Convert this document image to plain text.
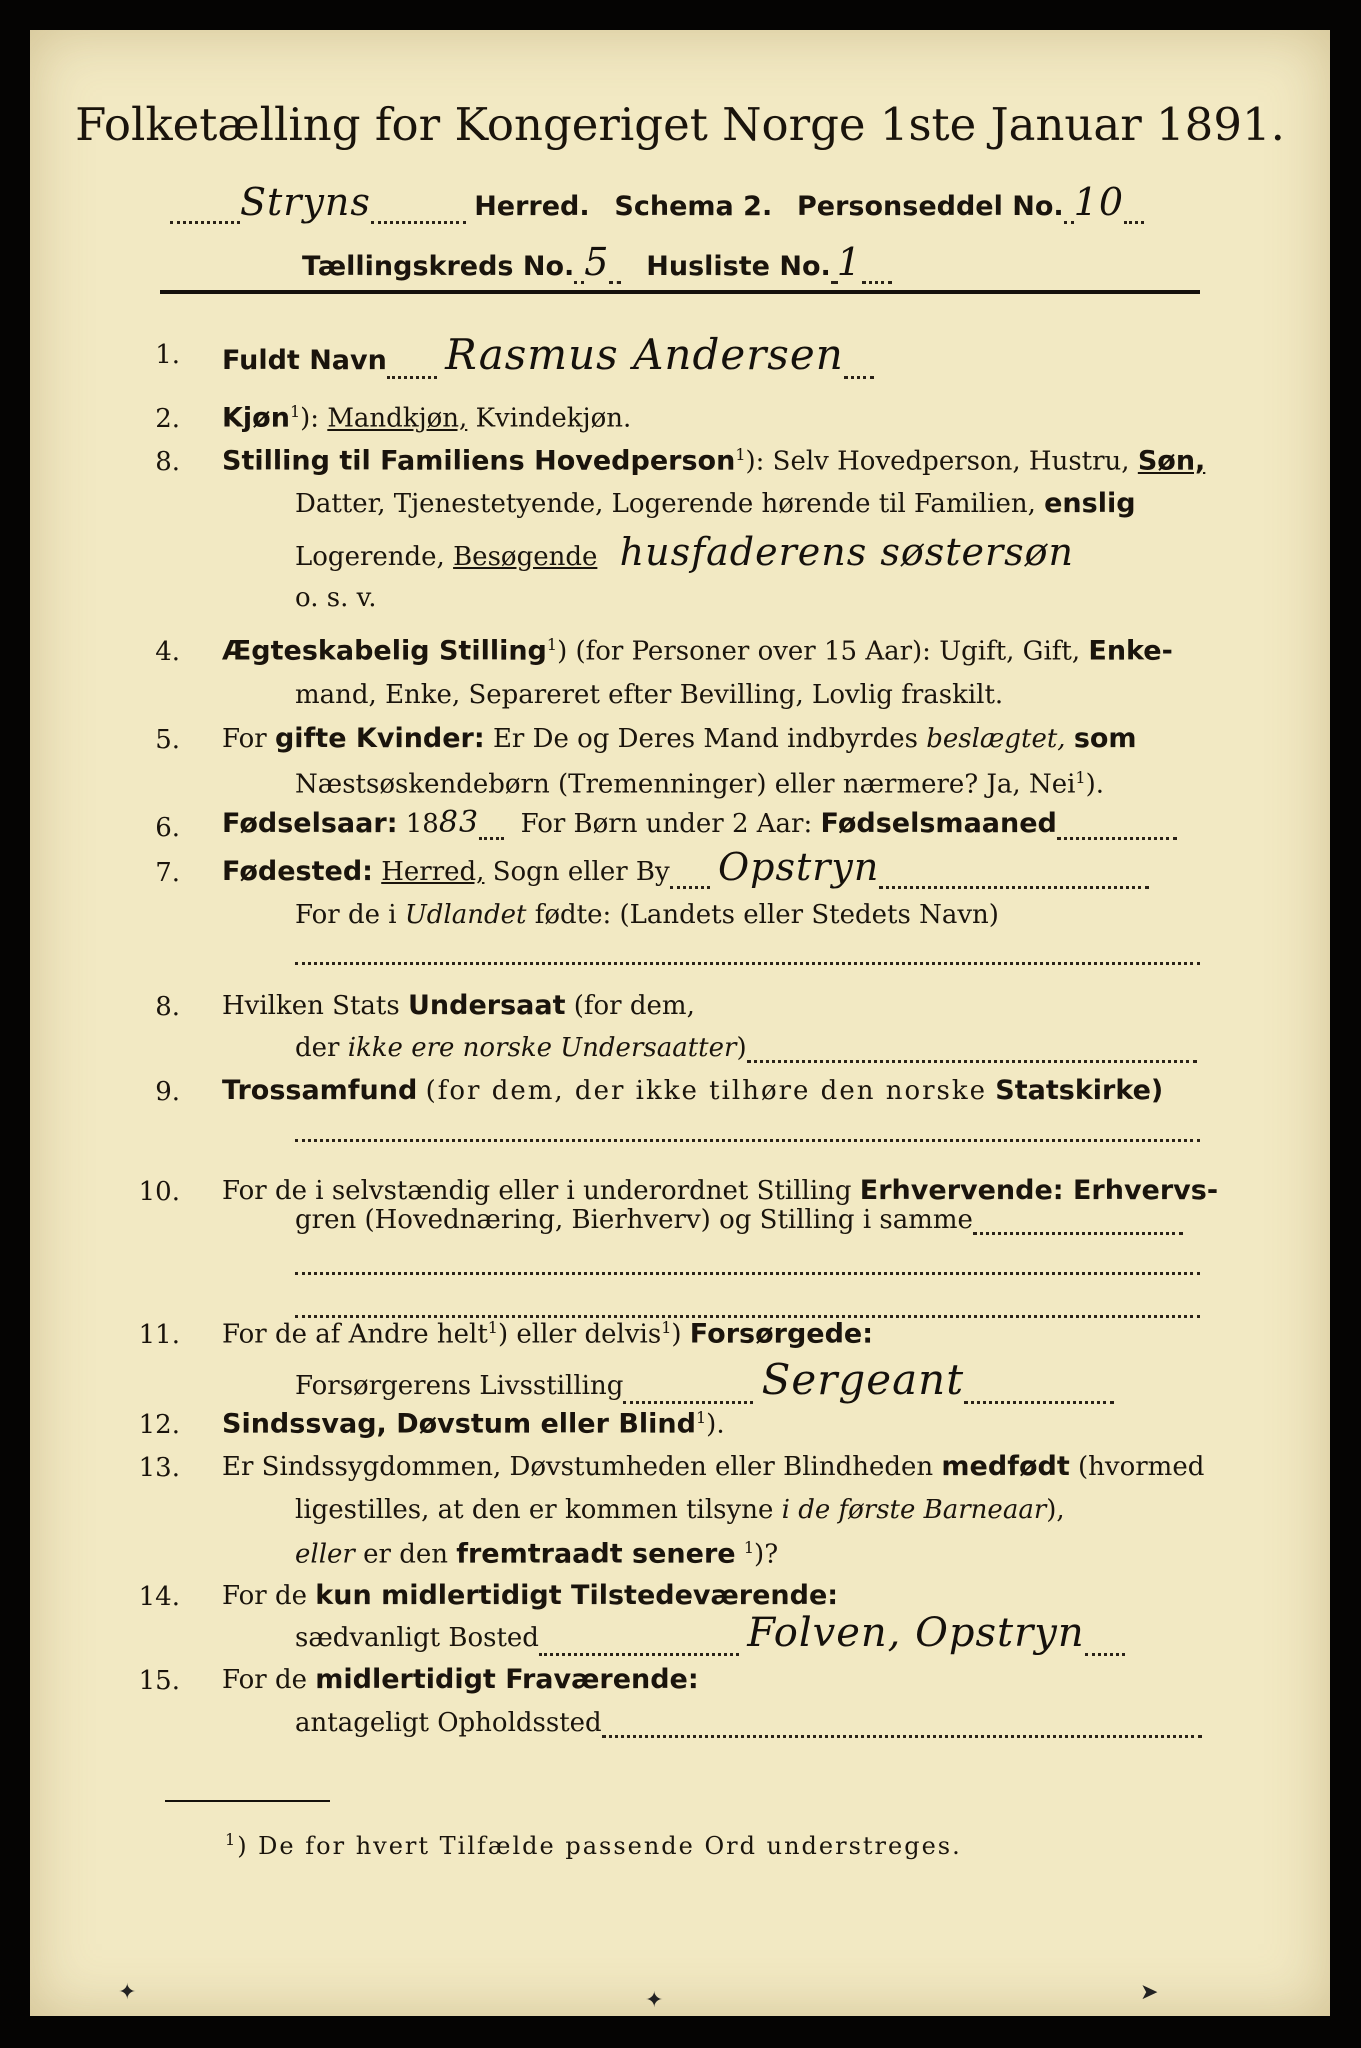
Folketælling for Kongeriget Norge 1ste Januar 1891.
Stryns	Herred. Schema 2. Personseddel No. 10
Tællingskreds No. 5 Husliste No. 1
1. Fuldt Navn Rasmus Andersen
2. Kjøn$^1$): Mandkjøn, Kvindekjøn.
8. Stilling til Familiens Hovedperson$^1$): Selv Hovedperson, Hustru, Søn,
Datter, Tjenestetyende, Logerende hørende til Familien, enslig
Logerende, Besøgende husfaderens søstersøn
o. s. v.
4. Ægteskabelig Stilling$^1$) (for Personer over 15 Aar): Ugift, Gift, Enke-
mand, Enke, Separeret efter Bevilling, Lovlig fraskilt.
5. For gifte Kvinder: Er De og Deres Mand indbyrdes beslægtet, som
Næstsøskendebørn (Tremenninger) eller nærmere? Ja, Nei$^1$).
6. Fødselsaar: 1883 For Børn under 2 Aar: Fødselsmaaned
7. Fødested: Herred, Sogn eller By Opstryn
For de i Udlandet fødte: (Landets eller Stedets Navn)
8. Hvilken Stats Undersaat (for dem,
der ikke ere norske Undersaatter)
9. Trossamfund (for dem, der ikke tilhøre den norske Statskirke)
10. For de i selvstændig eller i underordnet Stilling Erhvervende: Erhvervs-
gren (Hovednæring, Bierhverv) og Stilling i samme
11. For de af Andre helt$^1$) eller delvis$^1$) Forsørgede:
Forsørgerens Livsstilling	Sergeant
12. Sindssvag, Døvstum eller Blind$^1$).
13. Er Sindssygdommen, Døvstumheden eller Blindheden medfødt (hvormed
ligestilles, at den er kommen tilsyne i de første Barneaar),
eller er den fremtraadt senere $^1$)?
14. For de kun midlertidigt Tilstedeværende:
sædvanligt Bosted	Folven, Opstryn
15. For de midlertidigt Fraværende:
antageligt Opholdssted
$^1$) De for hvert Tilfælde passende Ord understreges.
✦	✦	➤
